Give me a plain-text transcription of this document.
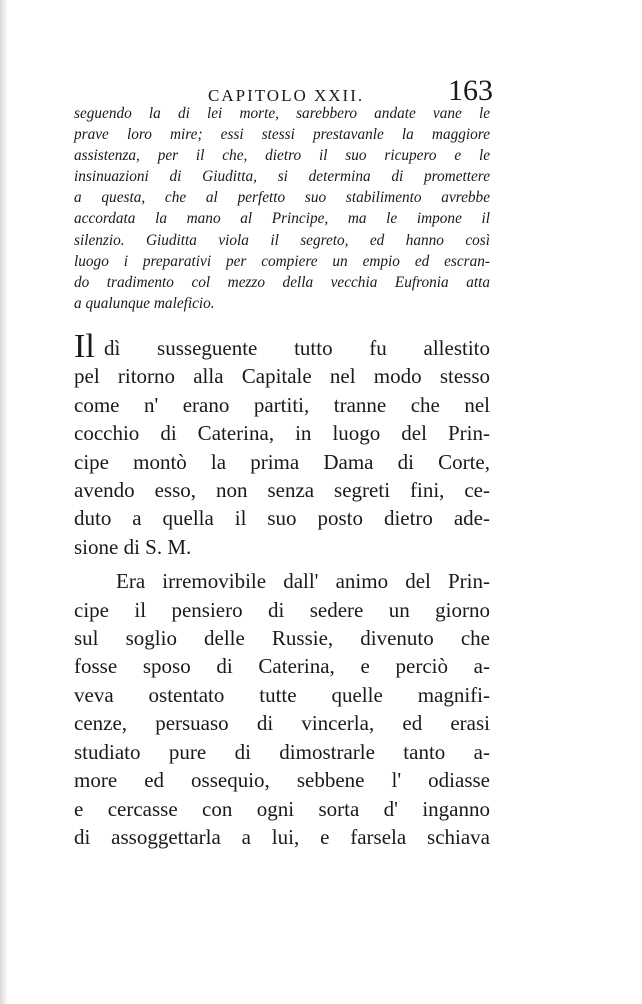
CAPITOLO XXII.	163
seguendo la di lei morte, sarebbero andate vane le
prave loro mire; essi stessi prestavanle la maggiore
assistenza, per il che, dietro il suo ricupero e le
insinuazioni di Giuditta, si determina di promettere
a questa, che al perfetto suo stabilimento avrebbe
accordata la mano al Principe, ma le impone il
silenzio. Giuditta viola il segreto, ed hanno così
luogo i preparativi per compiere un empio ed escran-
do tradimento col mezzo della vecchia Eufronia atta
a qualunque maleficio.
Il dì susseguente tutto fu allestito
pel ritorno alla Capitale nel modo stesso
come n' erano partiti, tranne che nel
cocchio di Caterina, in luogo del Prin-
cipe montò la prima Dama di Corte,
avendo esso, non senza segreti fini, ce-
duto a quella il suo posto dietro ade-
sione di S. M.
Era irremovibile dall' animo del Prin-
cipe il pensiero di sedere un giorno
sul soglio delle Russie, divenuto che
fosse sposo di Caterina, e perciò a-
veva ostentato tutte quelle magnifi-
cenze, persuaso di vincerla, ed erasi
studiato pure di dimostrarle tanto a-
more ed ossequio, sebbene l' odiasse
e cercasse con ogni sorta d' inganno
di assoggettarla a lui, e farsela schiava
